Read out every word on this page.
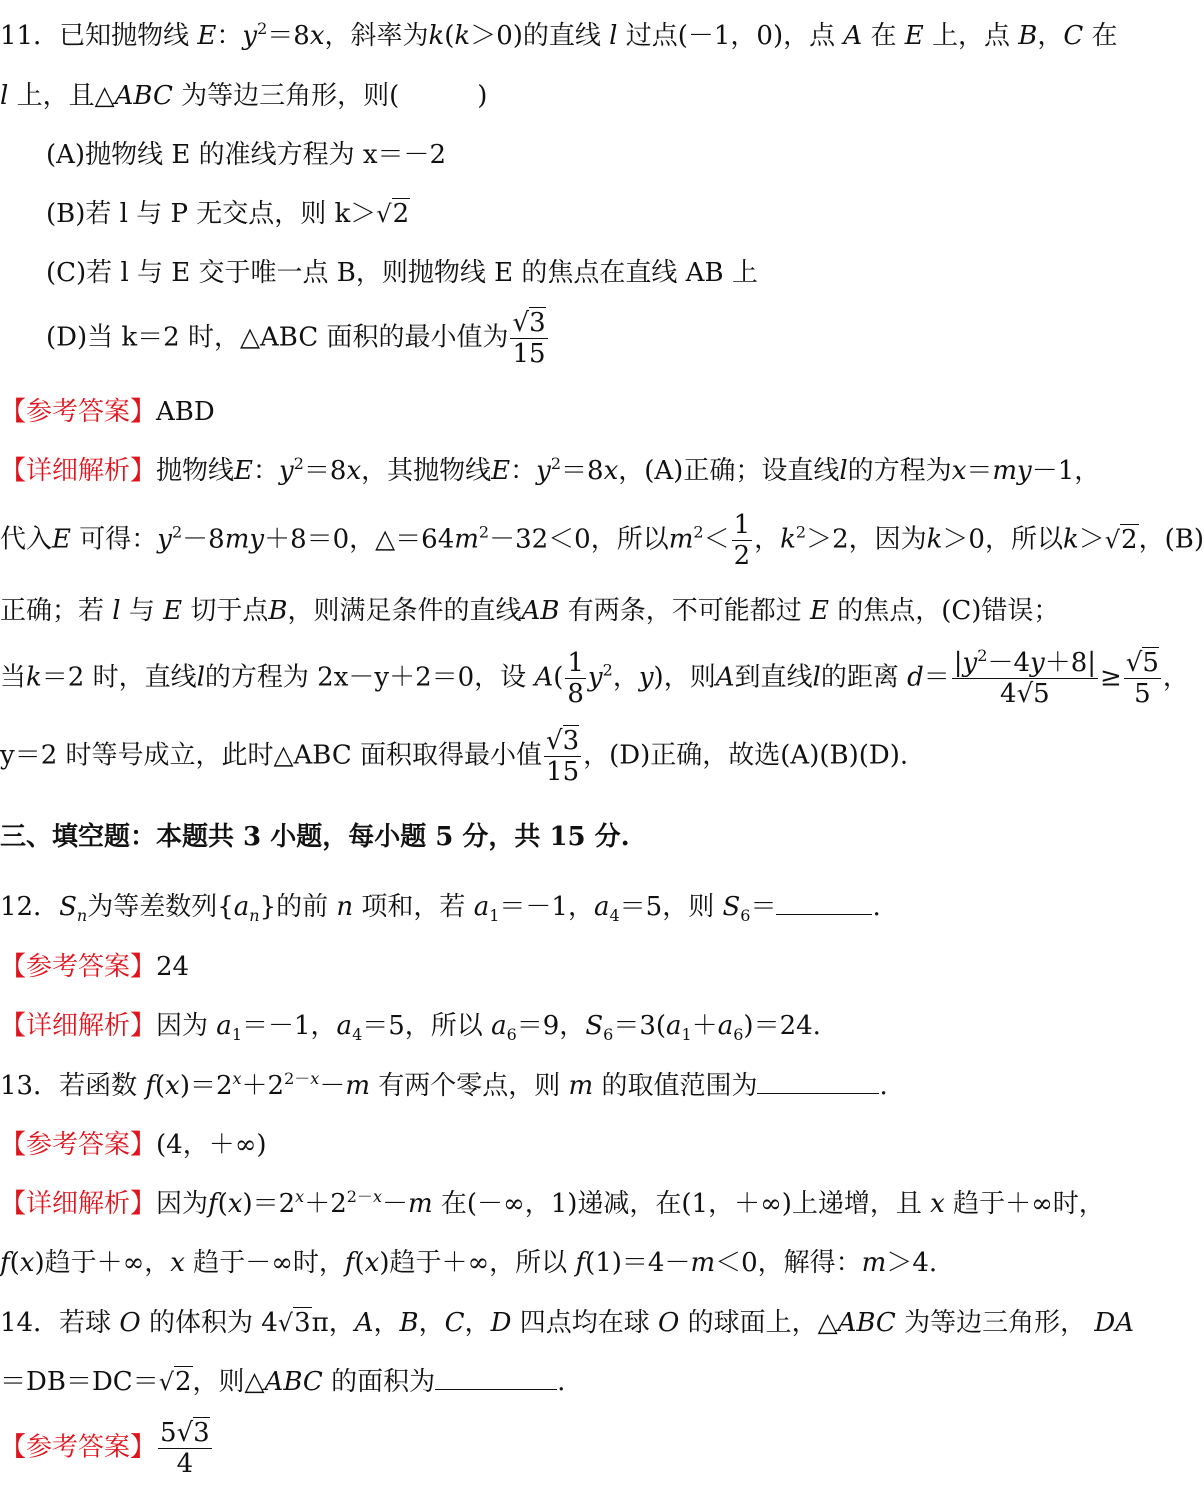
11．已知抛物线 E：$y^2=8x$，斜率为k(k＞0)的直线 l 过点(－1，0)，点 A 在 E 上，点 B，C 在
l 上，且△ABC 为等边三角形，则(　　　)
(A)抛物线 E 的准线方程为 x＝－2
(B)若 l 与 P 无交点，则 k＞√2
(C)若 l 与 E 交于唯一点 B，则抛物线 E 的焦点在直线 AB 上
(D)当 k＝2 时，△ABC 面积的最小值为 $\frac{√3}{15}$
【参考答案】ABD
【详细解析】抛物线E：$y^2=8x$，其抛物线E：$y^2=8x$，(A)正确；设直线l的方程为x＝my－1，
代入E 可得：$y^2-8my+8=0$，$\triangle=64m^2-32<0$，所以$m^2< \frac{1}{2}$ ，$k^2>2$，因为k＞0，所以k＞√2，(B)
正确；若 l 与 E 切于点B，则满足条件的直线AB 有两条，不可能都过 E 的焦点，(C)错误；
当k＝2 时，直线l的方程为 2x－y＋2＝0，设 $A( \frac{1}{8} y^2$，y)，则A到直线l的距离 $d= \frac{|y^2-4y+8|}{4√5} \ge \frac{√5}{5}$ ，
y＝2 时等号成立，此时△ABC 面积取得最小值 $\frac{√3}{15}$ ，(D)正确，故选(A)(B)(D).
三、填空题：本题共 3 小题，每小题 5 分，共 15 分.
12．$S_n$为等差数列$\{a_n\}$的前 n 项和，若 $a_1=-1$，$a_4=5$，则 $S_6=$	.
【参考答案】24
【详细解析】因为 $a_1=-1$，$a_4=5$，所以 $a_6=9$，$S_6=3(a_1+a_6)=24$.
13．若函数 $f(x)=2^x+2^{2-x}-m$ 有两个零点，则 m 的取值范围为	.
【参考答案】(4，＋∞)
【详细解析】因为$f(x)=2^x+2^{2-x}-m$ 在(－∞，1)递减，在(1，＋∞)上递增，且 x 趋于＋∞时，
f(x)趋于＋∞，x 趋于－∞时，f(x)趋于＋∞，所以 f(1)＝4－m＜0，解得：m＞4.
14．若球 O 的体积为 4√3π，A，B，C，D 四点均在球 O 的球面上，△ABC 为等边三角形， DA
＝DB＝DC＝√2，则△ABC 的面积为	.
【参考答案】 $\frac{5√3}{4}$
